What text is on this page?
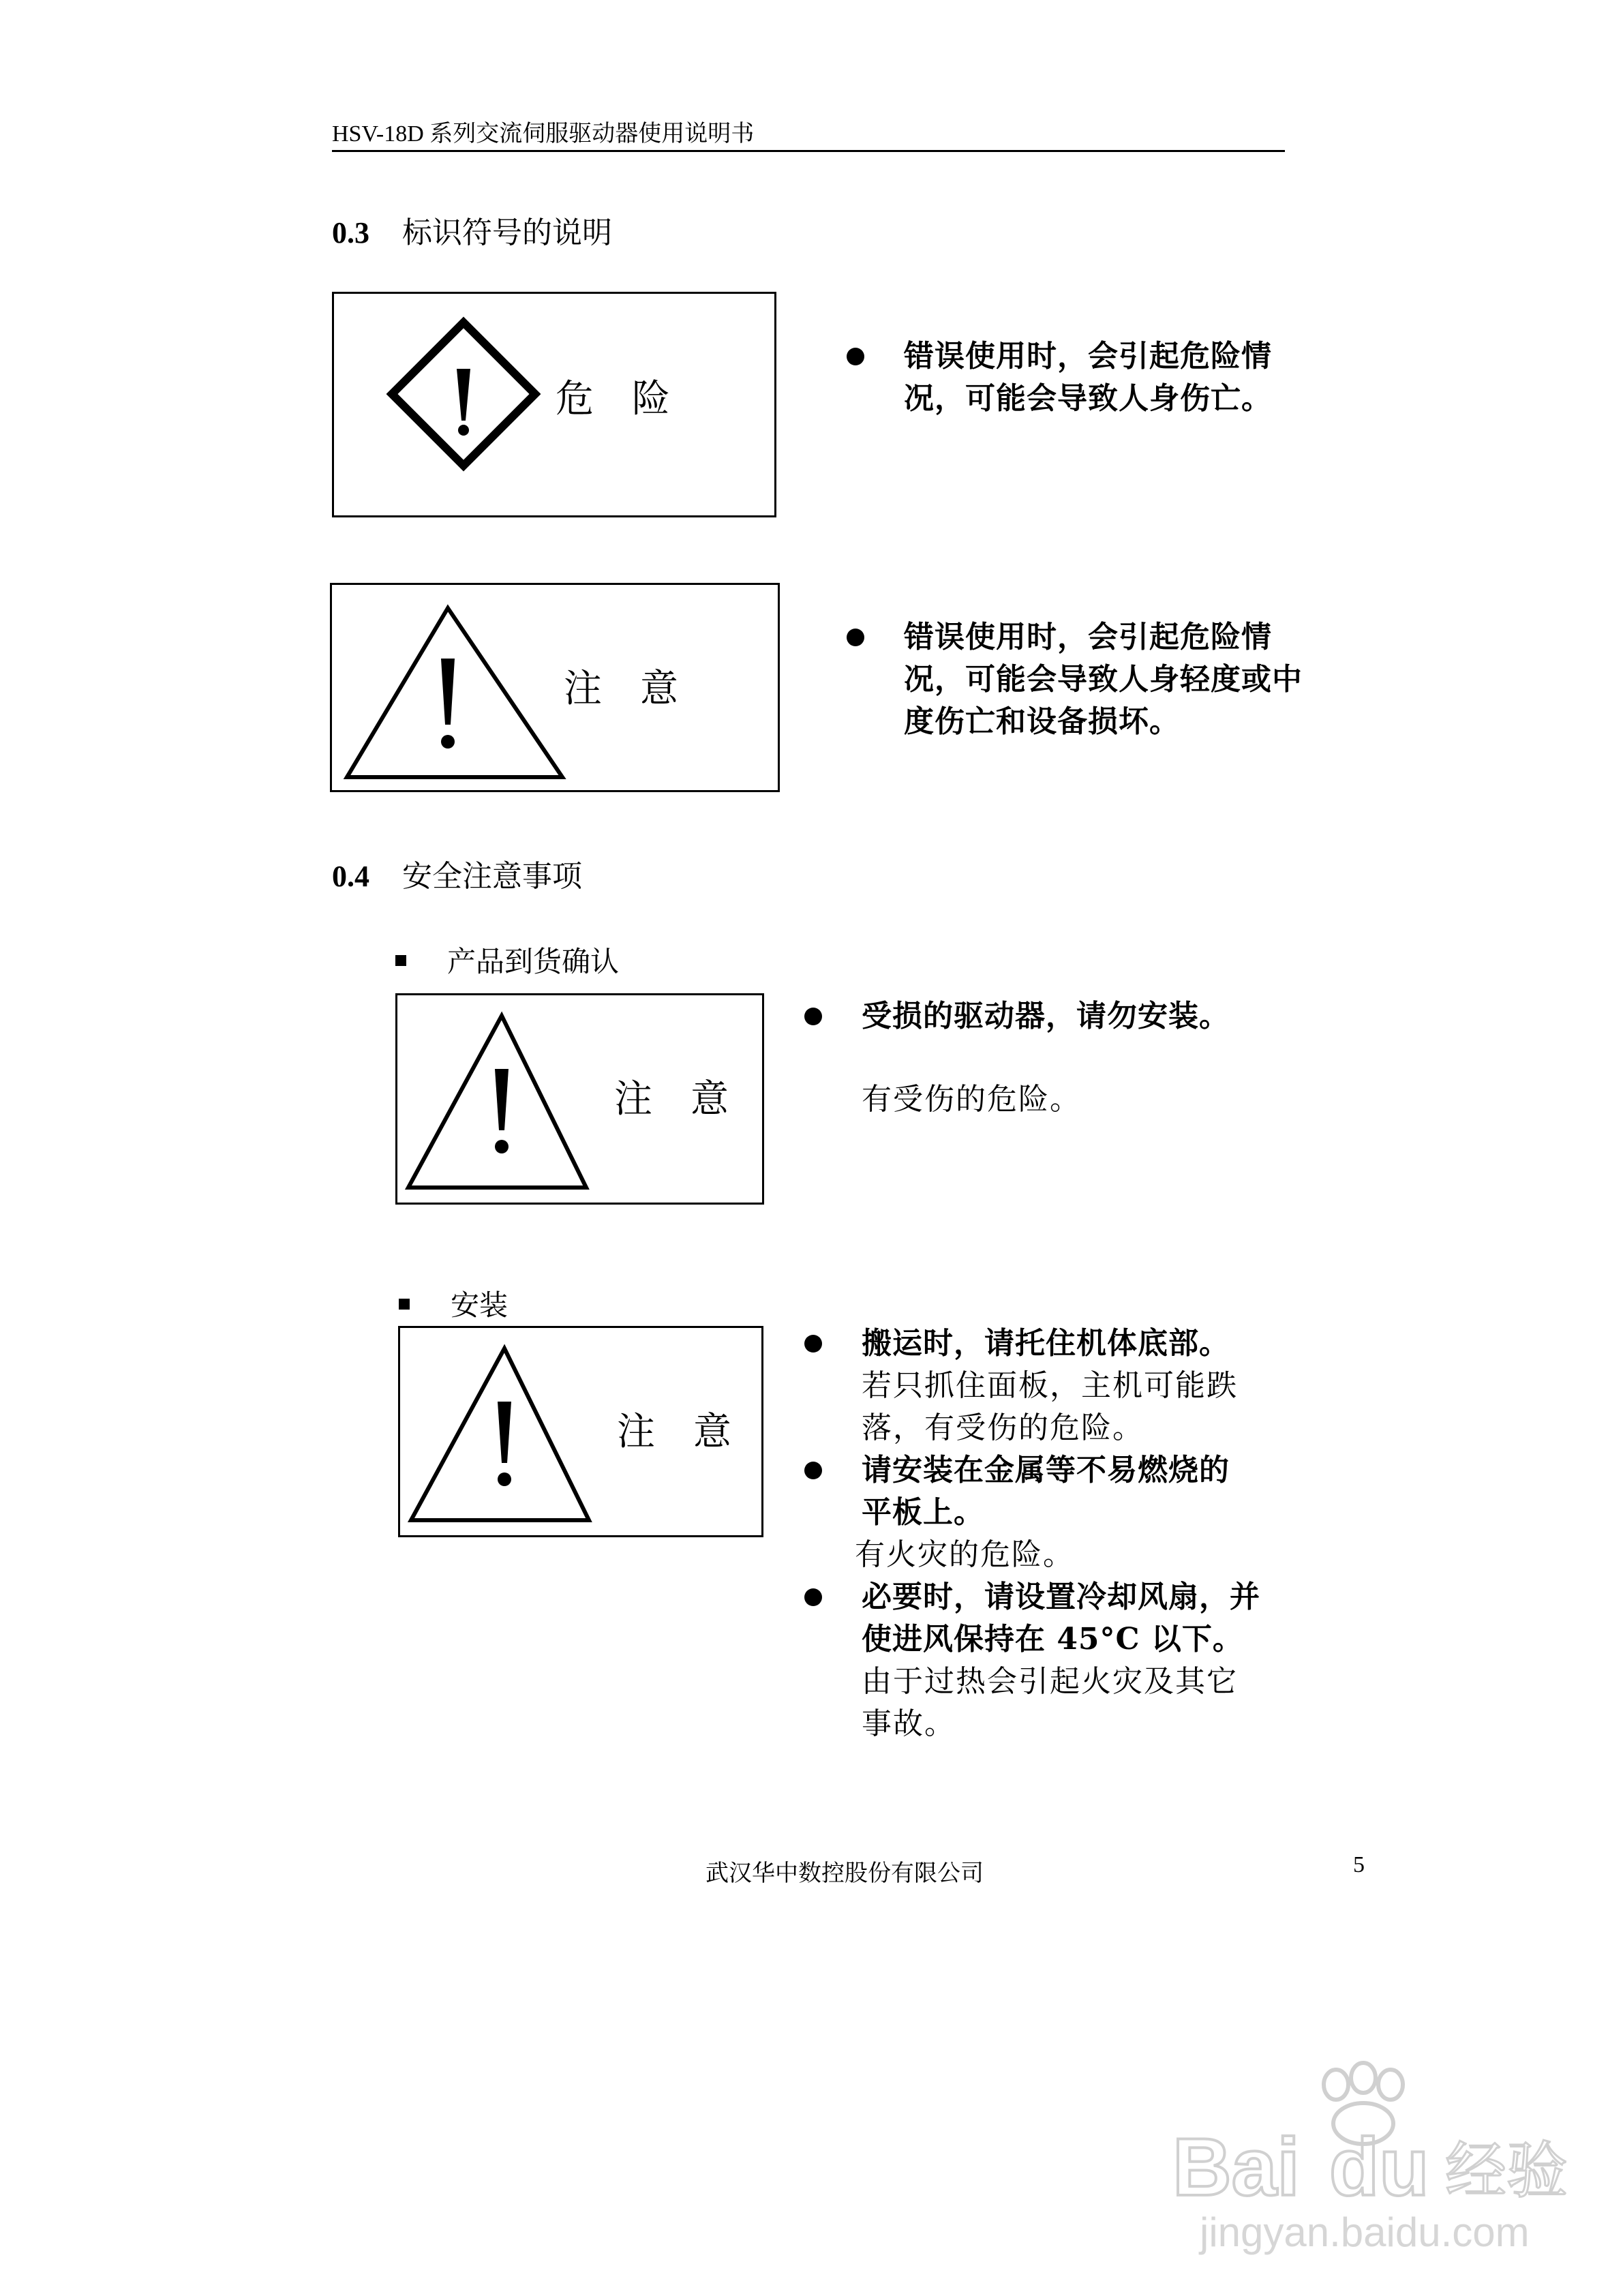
HSV-18D 系列交流伺服驱动器使用说明书
0.3 标识符号的说明
危　险
错误使用时，会引起危险情
况，可能会导致人身伤亡。
注　意
错误使用时，会引起危险情
况，可能会导致人身轻度或中
度伤亡和设备损坏。
0.4 安全注意事项
产品到货确认
注　意
受损的驱动器，请勿安装。
有受伤的危险。
安装
注　意
搬运时，请托住机体底部。
若只抓住面板，主机可能跌
落，有受伤的危险。
请安装在金属等不易燃烧的
平板上。
有火灾的危险。
必要时，请设置冷却风扇，并
使进风保持在 45°C 以下。
由于过热会引起火灾及其它
事故。
武汉华中数控股份有限公司	5
Bai du 经验
jingyan.baidu.com
